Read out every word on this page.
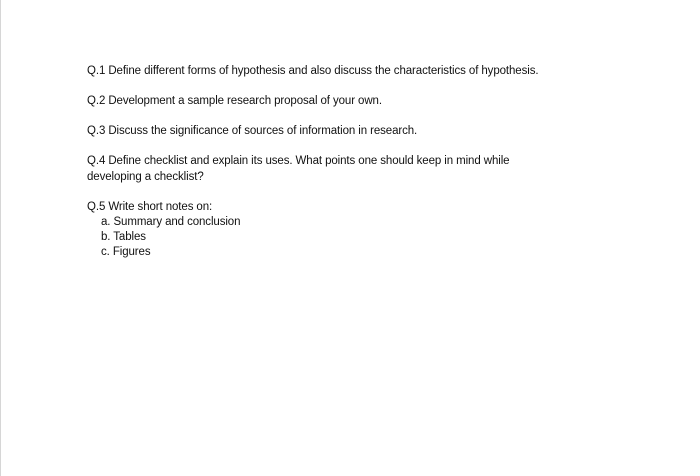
Q.1 Define different forms of hypothesis and also discuss the characteristics of hypothesis.

Q.2 Development a sample research proposal of your own.

Q.3 Discuss the significance of sources of information in research.

Q.4 Define checklist and explain its uses. What points one should keep in mind while developing a checklist?

Q.5 Write short notes on:

a. Summary and conclusion
b. Tables
c. Figures
